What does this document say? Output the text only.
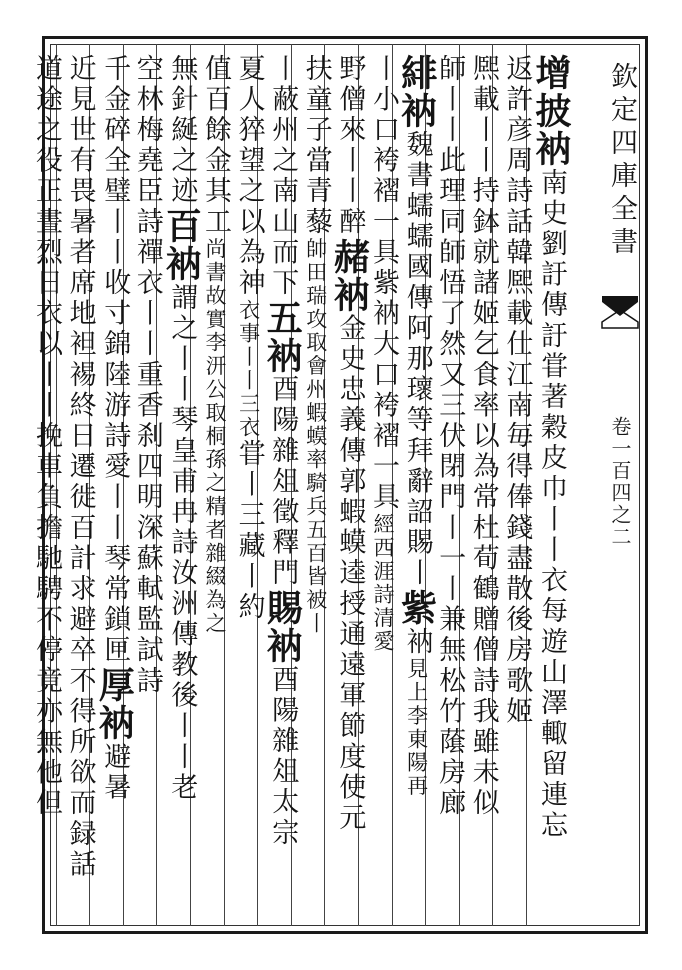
欽定四庫全書
卷一百四之二
增披衲南史劉訏傳訏甞著穀皮巾丨丨衣每遊山澤輙留連忘
返許彦周詩話韓熈載仕江南毎得俸錢盡散後房歌姬
熈載丨丨持鉢就諸姬乞食率以為常杜荀鶴贈僧詩我雖未似
師丨丨此理同師悟了然又三伏閉門丨一丨兼無松竹䕃房廊
緋衲魏書蠕蠕國傳阿那瓌等拜辭詔賜丨紫衲見上李東陽再
丨小口袴褶一具紫衲大口袴褶一具經西涯詩清愛
野僧來丨丨醉赭衲金史忠義傳郭蝦蟆逵授通遠軍節度使元
扶童子當青藜帥田瑞攻取會州蝦蟆率騎兵五百皆被丨
丨蔽州之南山而下五衲酉陽雜俎徵釋門賜衲酉陽雜俎太宗
夏人猝望之以為神衣事丨丨三衣甞丨三藏丨約
值百餘金其工尚書故實李汧公取桐孫之精者雜綴為之
無針綖之迹百衲謂之丨丨琴皇甫冉詩汝洲傳教後丨丨老
空林梅堯臣詩禪衣丨丨重香刹四明深蘇軾監試詩
千金碎全璧丨丨收寸錦陸游詩愛丨丨琴常鎖匣厚衲避暑
近見世有畏暑者席地袒裼終日遷徙百計求避卒不得所欲而録話
道途之役正晝烈日衣以丨丨挽車負擔馳騁不停竟亦無他但
